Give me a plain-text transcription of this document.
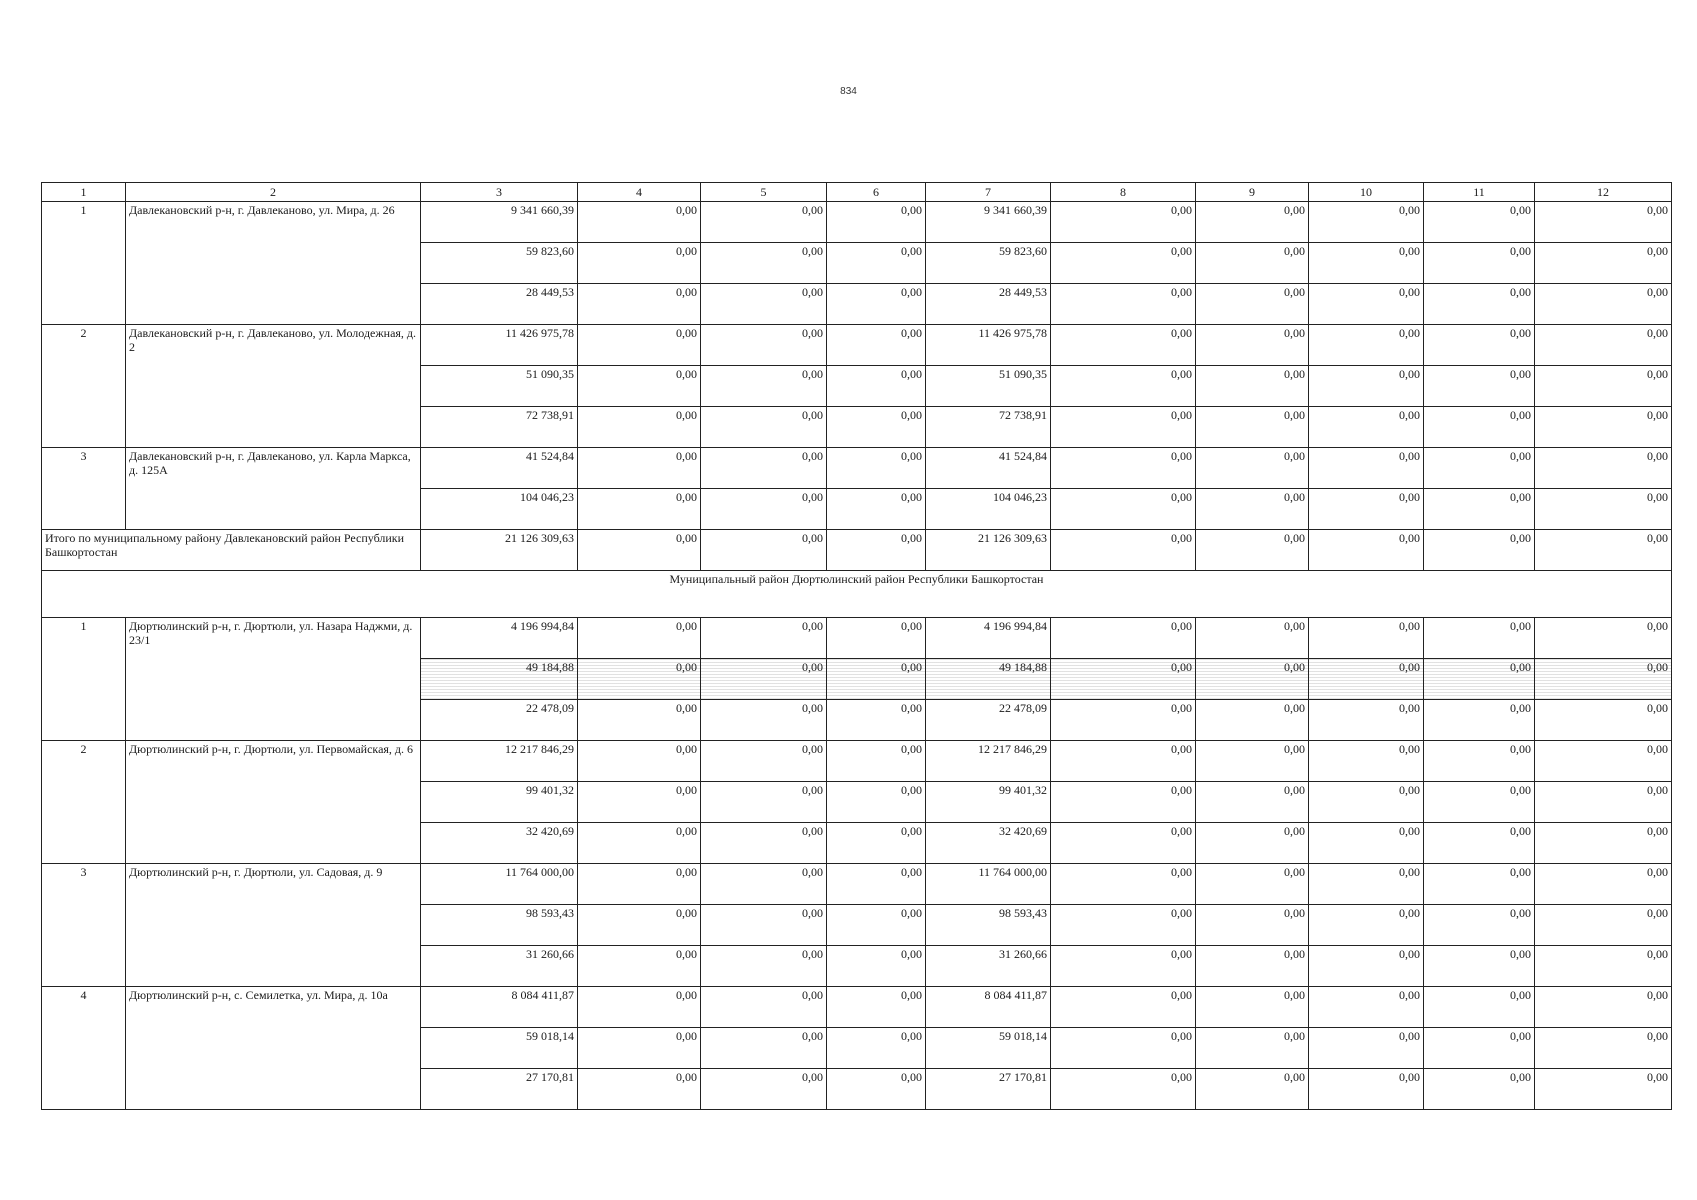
834
1	2	3	4	5	6	7	8	9	10	11	12
1	Давлекановский р-н, г. Давлеканово, ул. Мира, д. 26	9 341 660,39	0,00	0,00	0,00	9 341 660,39	0,00	0,00	0,00	0,00	0,00
		59 823,60	0,00	0,00	0,00	59 823,60	0,00	0,00	0,00	0,00	0,00
		28 449,53	0,00	0,00	0,00	28 449,53	0,00	0,00	0,00	0,00	0,00
2	Давлекановский р-н, г. Давлеканово, ул. Молодежная, д. 2	11 426 975,78	0,00	0,00	0,00	11 426 975,78	0,00	0,00	0,00	0,00	0,00
		51 090,35	0,00	0,00	0,00	51 090,35	0,00	0,00	0,00	0,00	0,00
		72 738,91	0,00	0,00	0,00	72 738,91	0,00	0,00	0,00	0,00	0,00
3	Давлекановский р-н, г. Давлеканово, ул. Карла Маркса, д. 125А	41 524,84	0,00	0,00	0,00	41 524,84	0,00	0,00	0,00	0,00	0,00
		104 046,23	0,00	0,00	0,00	104 046,23	0,00	0,00	0,00	0,00	0,00
Итого по муниципальному району Давлекановский район Республики Башкортостан		21 126 309,63	0,00	0,00	0,00	21 126 309,63	0,00	0,00	0,00	0,00	0,00
Муниципальный район Дюртюлинский район Республики Башкортостан											
1	Дюртюлинский р-н, г. Дюртюли, ул. Назара Наджми, д. 23/1	4 196 994,84	0,00	0,00	0,00	4 196 994,84	0,00	0,00	0,00	0,00	0,00
		49 184,88	0,00	0,00	0,00	49 184,88	0,00	0,00	0,00	0,00	0,00
		22 478,09	0,00	0,00	0,00	22 478,09	0,00	0,00	0,00	0,00	0,00
2	Дюртюлинский р-н, г. Дюртюли, ул. Первомайская, д. 6	12 217 846,29	0,00	0,00	0,00	12 217 846,29	0,00	0,00	0,00	0,00	0,00
		99 401,32	0,00	0,00	0,00	99 401,32	0,00	0,00	0,00	0,00	0,00
		32 420,69	0,00	0,00	0,00	32 420,69	0,00	0,00	0,00	0,00	0,00
3	Дюртюлинский р-н, г. Дюртюли, ул. Садовая, д. 9	11 764 000,00	0,00	0,00	0,00	11 764 000,00	0,00	0,00	0,00	0,00	0,00
		98 593,43	0,00	0,00	0,00	98 593,43	0,00	0,00	0,00	0,00	0,00
		31 260,66	0,00	0,00	0,00	31 260,66	0,00	0,00	0,00	0,00	0,00
4	Дюртюлинский р-н, с. Семилетка, ул. Мира, д. 10а	8 084 411,87	0,00	0,00	0,00	8 084 411,87	0,00	0,00	0,00	0,00	0,00
		59 018,14	0,00	0,00	0,00	59 018,14	0,00	0,00	0,00	0,00	0,00
		27 170,81	0,00	0,00	0,00	27 170,81	0,00	0,00	0,00	0,00	0,00
